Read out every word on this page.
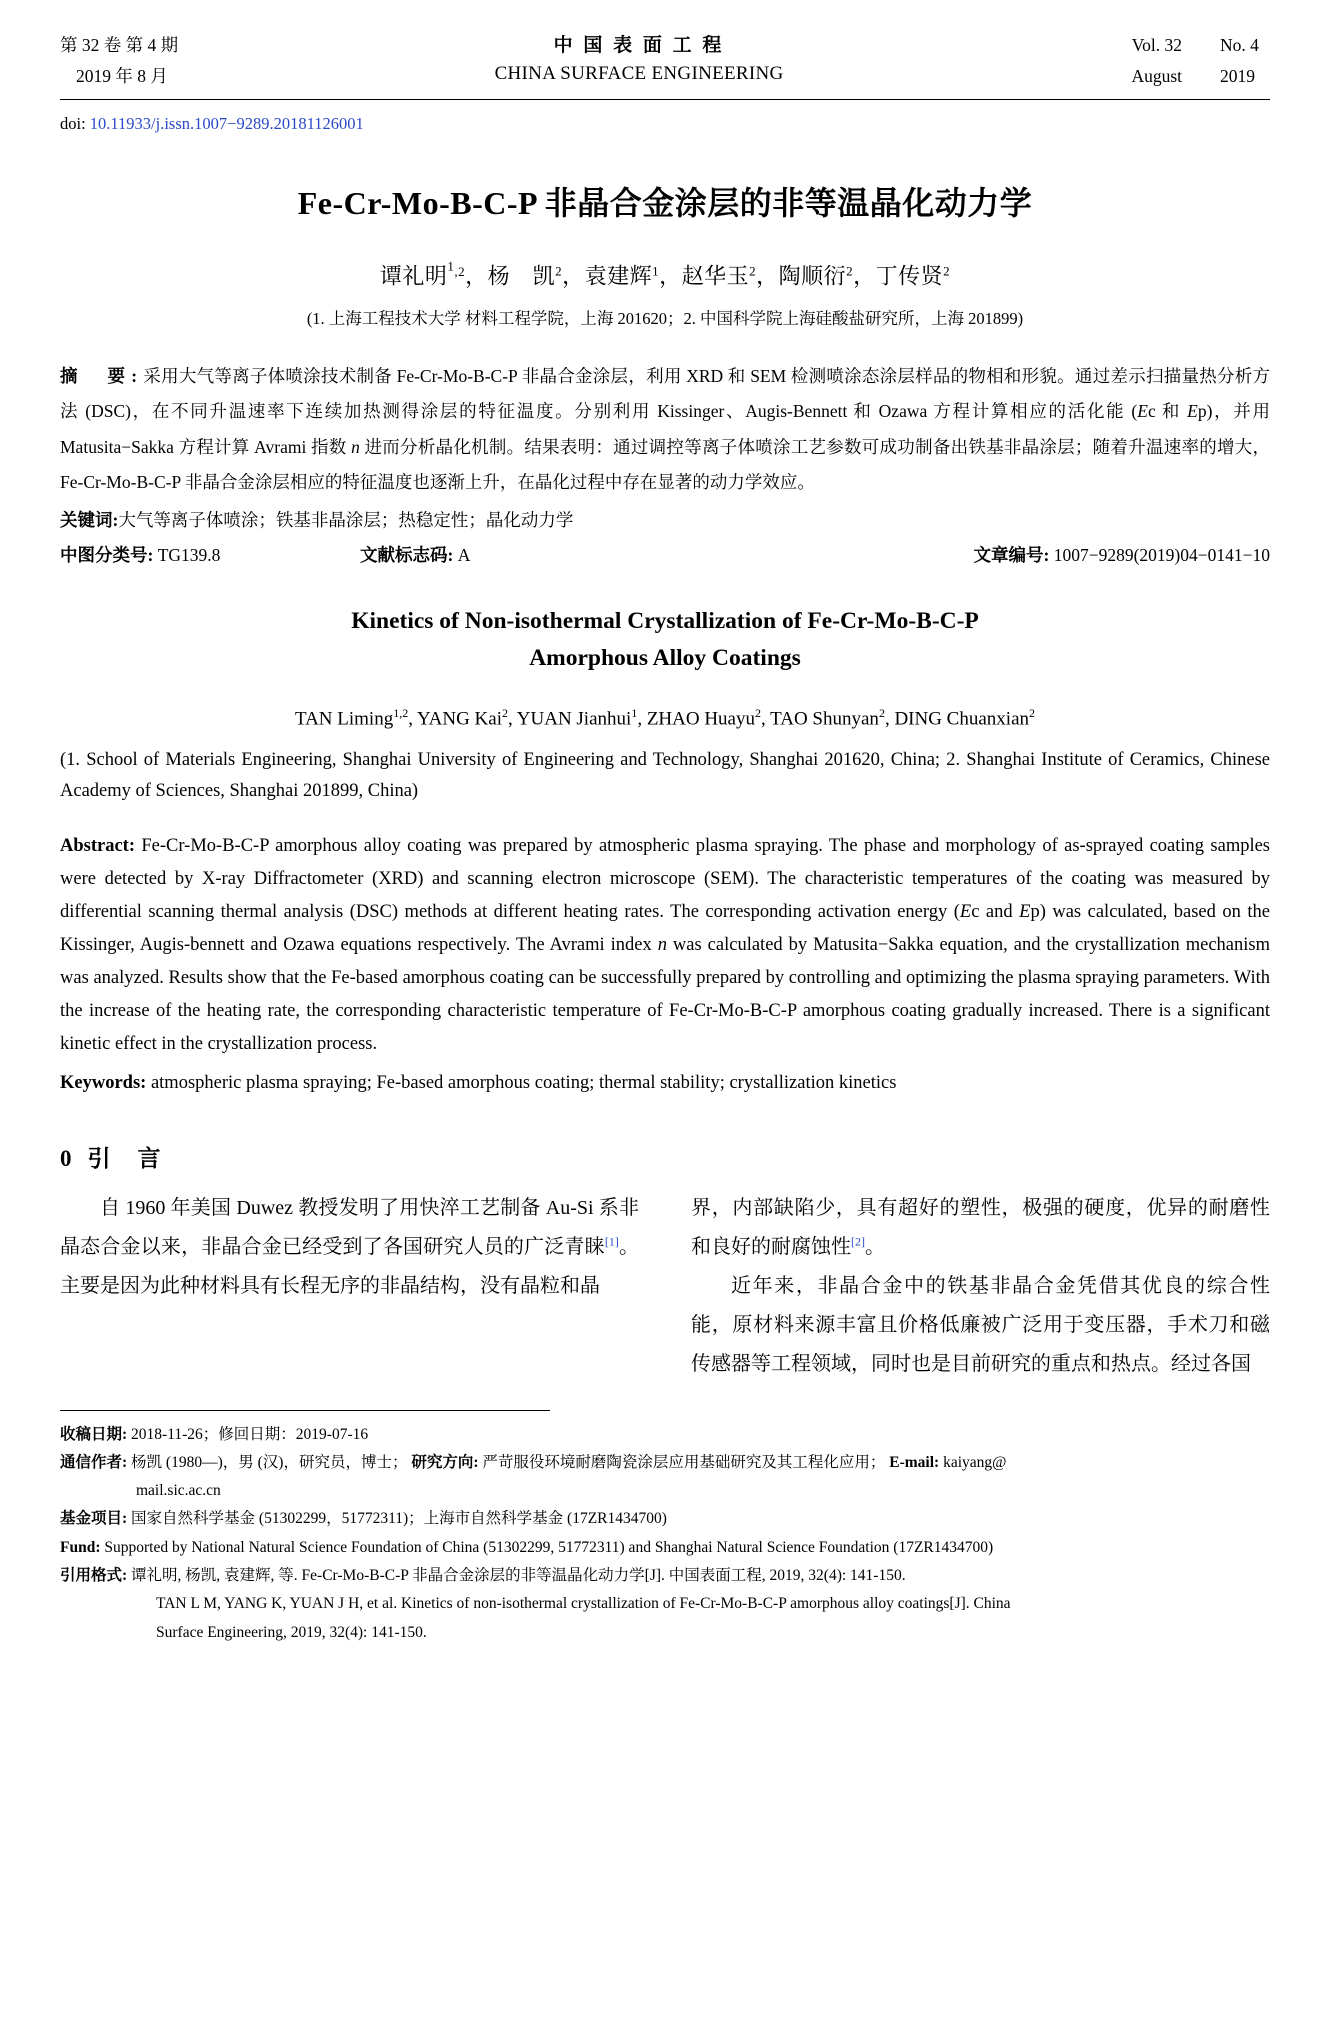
第 32 卷 第 4 期
2019 年 8 月
中 国 表 面 工 程
CHINA SURFACE ENGINEERING
Vol. 32 No. 4
August 2019
doi: 10.11933/j.issn.1007−9289.20181126001
Fe-Cr-Mo-B-C-P 非晶合金涂层的非等温晶化动力学
谭礼明$^{^1,2}$，杨　凯$^2$，袁建辉$^1$，赵华玉$^2$，陶顺衍$^2$，丁传贤$^2$
(1. 上海工程技术大学 材料工程学院，上海 201620；2. 中国科学院上海硅酸盐研究所，上海 201899)
摘　要:采用大气等离子体喷涂技术制备 Fe-Cr-Mo-B-C-P 非晶合金涂层，利用 XRD 和 SEM 检测喷涂态涂层样品的物相和形貌。通过差示扫描量热分析方法 (DSC)，在不同升温速率下连续加热测得涂层的特征温度。分别利用 Kissinger、Augis-Bennett 和 Ozawa 方程计算相应的活化能 (Ec 和 Ep)，并用 Matusita−Sakka 方程计算 Avrami 指数 n 进而分析晶化机制。结果表明：通过调控等离子体喷涂工艺参数可成功制备出铁基非晶涂层；随着升温速率的增大，Fe-Cr-Mo-B-C-P 非晶合金涂层相应的特征温度也逐渐上升，在晶化过程中存在显著的动力学效应。
关键词:大气等离子体喷涂；铁基非晶涂层；热稳定性；晶化动力学
中图分类号: TG139.8	文献标志码: A	文章编号: 1007−9289(2019)04−0141−10
Kinetics of Non-isothermal Crystallization of Fe-Cr-Mo-B-C-P
Amorphous Alloy Coatings
TAN Liming$^{1,2}$, YANG Kai$^2$, YUAN Jianhui$^1$, ZHAO Huayu$^2$, TAO Shunyan$^2$, DING Chuanxian$^2$
(1. School of Materials Engineering, Shanghai University of Engineering and Technology, Shanghai 201620, China; 2. Shanghai Institute of Ceramics, Chinese Academy of Sciences, Shanghai 201899, China)
Abstract: Fe-Cr-Mo-B-C-P amorphous alloy coating was prepared by atmospheric plasma spraying. The phase and morphology of as-sprayed coating samples were detected by X-ray Diffractometer (XRD) and scanning electron microscope (SEM). The characteristic temperatures of the coating was measured by differential scanning thermal analysis (DSC) methods at different heating rates. The corresponding activation energy (Ec and Ep) was calculated, based on the Kissinger, Augis-bennett and Ozawa equations respectively. The Avrami index n was calculated by Matusita−Sakka equation, and the crystallization mechanism was analyzed. Results show that the Fe-based amorphous coating can be successfully prepared by controlling and optimizing the plasma spraying parameters. With the increase of the heating rate, the corresponding characteristic temperature of Fe-Cr-Mo-B-C-P amorphous coating gradually increased. There is a significant kinetic effect in the crystallization process.
Keywords: atmospheric plasma spraying; Fe-based amorphous coating; thermal stability; crystallization kinetics
0 引　言

自 1960 年美国 Duwez 教授发明了用快淬工艺制备 Au-Si 系非晶态合金以来，非晶合金已经受到了各国研究人员的广泛青睐[1]。主要是因为此种材料具有长程无序的非晶结构，没有晶粒和晶

界，内部缺陷少，具有超好的塑性，极强的硬度，优异的耐磨性和良好的耐腐蚀性[2]。

近年来，非晶合金中的铁基非晶合金凭借其优良的综合性能，原材料来源丰富且价格低廉被广泛用于变压器，手术刀和磁传感器等工程领域，同时也是目前研究的重点和热点。经过各国

收稿日期: 2018-11-26；修回日期：2019-07-16
通信作者: 杨凯 (1980—)，男 (汉)，研究员，博士； 研究方向: 严苛服役环境耐磨陶瓷涂层应用基础研究及其工程化应用； E-mail: kaiyang@
mail.sic.ac.cn
基金项目: 国家自然科学基金 (51302299，51772311)；上海市自然科学基金 (17ZR1434700)
Fund: Supported by National Natural Science Foundation of China (51302299, 51772311) and Shanghai Natural Science Foundation (17ZR1434700)
引用格式: 谭礼明, 杨凯, 袁建辉, 等. Fe-Cr-Mo-B-C-P 非晶合金涂层的非等温晶化动力学[J]. 中国表面工程, 2019, 32(4): 141-150.
TAN L M, YANG K, YUAN J H, et al. Kinetics of non-isothermal crystallization of Fe-Cr-Mo-B-C-P amorphous alloy coatings[J]. China
Surface Engineering, 2019, 32(4): 141-150.
